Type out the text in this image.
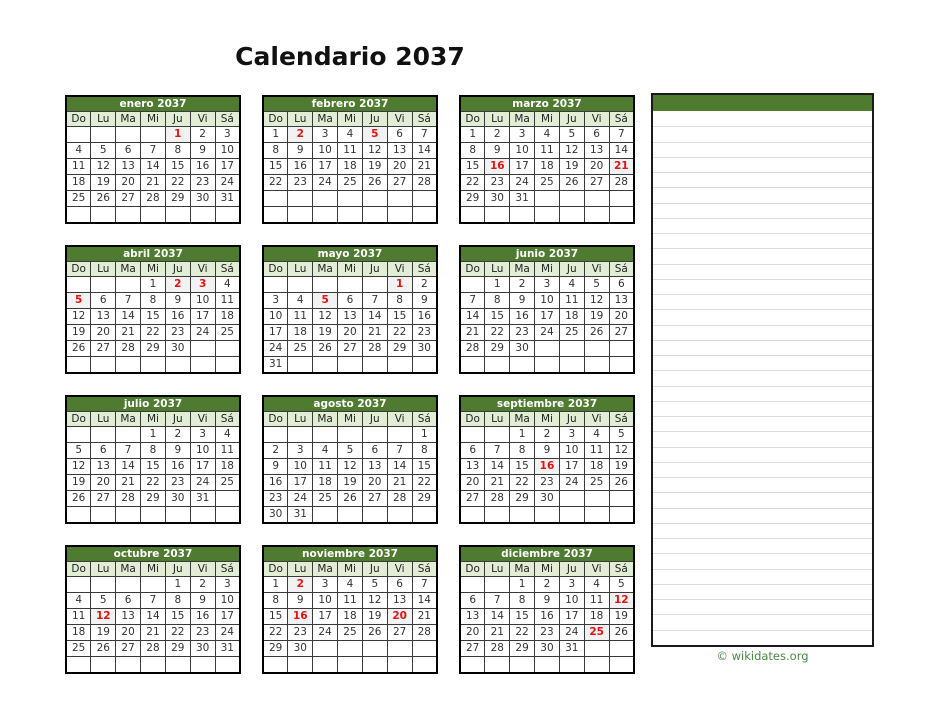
Calendario 2037
enero 2037						
Do	Lu	Ma	Mi	Ju	Vi	Sá
				1	2	3
4	5	6	7	8	9	10
11	12	13	14	15	16	17
18	19	20	21	22	23	24
25	26	27	28	29	30	31

febrero 2037						
Do	Lu	Ma	Mi	Ju	Vi	Sá
1	2	3	4	5	6	7
8	9	10	11	12	13	14
15	16	17	18	19	20	21
22	23	24	25	26	27	28

marzo 2037						
Do	Lu	Ma	Mi	Ju	Vi	Sá
1	2	3	4	5	6	7
8	9	10	11	12	13	14
15	16	17	18	19	20	21
22	23	24	25	26	27	28
29	30	31				

abril 2037						
Do	Lu	Ma	Mi	Ju	Vi	Sá
			1	2	3	4
5	6	7	8	9	10	11
12	13	14	15	16	17	18
19	20	21	22	23	24	25
26	27	28	29	30		

mayo 2037						
Do	Lu	Ma	Mi	Ju	Vi	Sá
					1	2
3	4	5	6	7	8	9
10	11	12	13	14	15	16
17	18	19	20	21	22	23
24	25	26	27	28	29	30
31						
junio 2037						
Do	Lu	Ma	Mi	Ju	Vi	Sá
	1	2	3	4	5	6
7	8	9	10	11	12	13
14	15	16	17	18	19	20
21	22	23	24	25	26	27
28	29	30				

julio 2037						
Do	Lu	Ma	Mi	Ju	Vi	Sá
			1	2	3	4
5	6	7	8	9	10	11
12	13	14	15	16	17	18
19	20	21	22	23	24	25
26	27	28	29	30	31	

agosto 2037						
Do	Lu	Ma	Mi	Ju	Vi	Sá
						1
2	3	4	5	6	7	8
9	10	11	12	13	14	15
16	17	18	19	20	21	22
23	24	25	26	27	28	29
30	31					
septiembre 2037						
Do	Lu	Ma	Mi	Ju	Vi	Sá
		1	2	3	4	5
6	7	8	9	10	11	12
13	14	15	16	17	18	19
20	21	22	23	24	25	26
27	28	29	30			

octubre 2037						
Do	Lu	Ma	Mi	Ju	Vi	Sá
				1	2	3
4	5	6	7	8	9	10
11	12	13	14	15	16	17
18	19	20	21	22	23	24
25	26	27	28	29	30	31

noviembre 2037						
Do	Lu	Ma	Mi	Ju	Vi	Sá
1	2	3	4	5	6	7
8	9	10	11	12	13	14
15	16	17	18	19	20	21
22	23	24	25	26	27	28
29	30					

diciembre 2037						
Do	Lu	Ma	Mi	Ju	Vi	Sá
		1	2	3	4	5
6	7	8	9	10	11	12
13	14	15	16	17	18	19
20	21	22	23	24	25	26
27	28	29	30	31		

© wikidates.org
